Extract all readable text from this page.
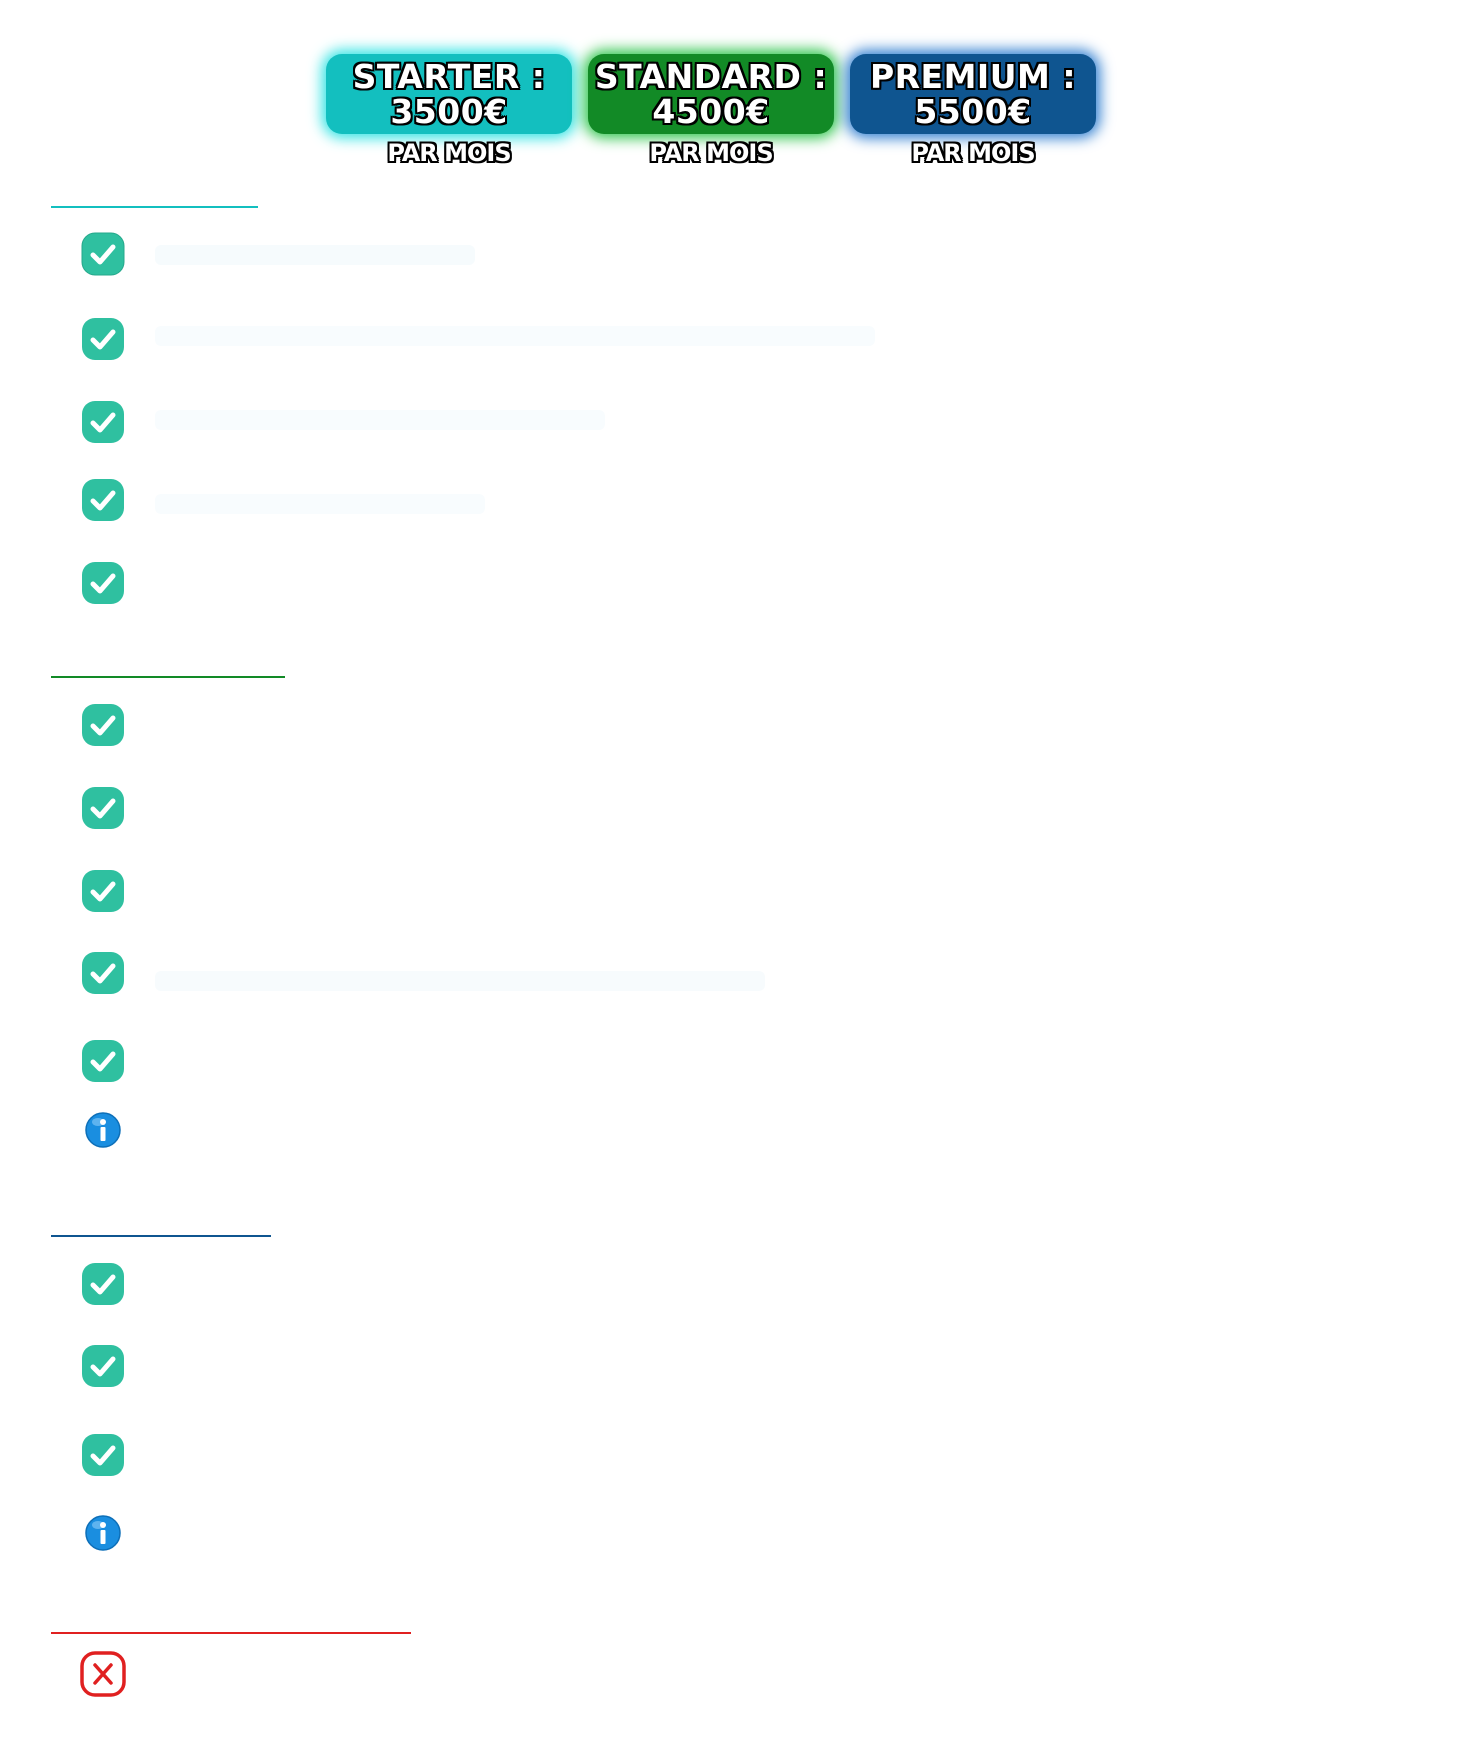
STARTER :
3500€
PAR MOIS
STANDARD :
4500€
PAR MOIS
PREMIUM :
5500€
PAR MOIS
